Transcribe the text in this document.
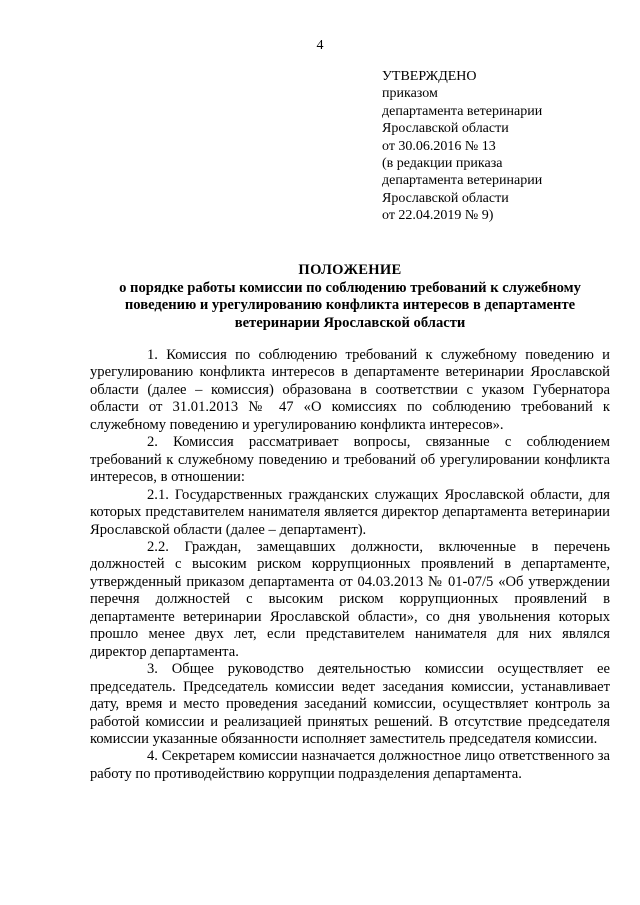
4
УТВЕРЖДЕНО
приказом
департамента ветеринарии
Ярославской области
от 30.06.2016 № 13
(в редакции приказа
департамента ветеринарии
Ярославской области
от 22.04.2019 № 9)
ПОЛОЖЕНИЕ
о порядке работы комиссии по соблюдению требований к служебному поведению и урегулированию конфликта интересов в департаменте ветеринарии Ярославской области

1. Комиссия по соблюдению требований к служебному поведению и урегулированию конфликта интересов в департаменте ветеринарии Ярославской области (далее – комиссия) образована в соответствии с указом Губернатора области от 31.01.2013 № 47 «О комиссиях по соблюдению требований к служебному поведению и урегулированию конфликта интересов».

2. Комиссия рассматривает вопросы, связанные с соблюдением требований к служебному поведению и требований об урегулировании конфликта интересов, в отношении:

2.1. Государственных гражданских служащих Ярославской области, для которых представителем нанимателя является директор департамента ветеринарии Ярославской области (далее – департамент).

2.2. Граждан, замещавших должности, включенные в перечень должностей с высоким риском коррупционных проявлений в департаменте, утвержденный приказом департамента от 04.03.2013 № 01-07/5 «Об утверждении перечня должностей с высоким риском коррупционных проявлений в департаменте ветеринарии Ярославской области», со дня увольнения которых прошло менее двух лет, если представителем нанимателя для них являлся директор департамента.

3. Общее руководство деятельностью комиссии осуществляет ее председатель. Председатель комиссии ведет заседания комиссии, устанавливает дату, время и место проведения заседаний комиссии, осуществляет контроль за работой комиссии и реализацией принятых решений. В отсутствие председателя комиссии указанные обязанности исполняет заместитель председателя комиссии.

4. Секретарем комиссии назначается должностное лицо ответственного за работу по противодействию коррупции подразделения департамента.
